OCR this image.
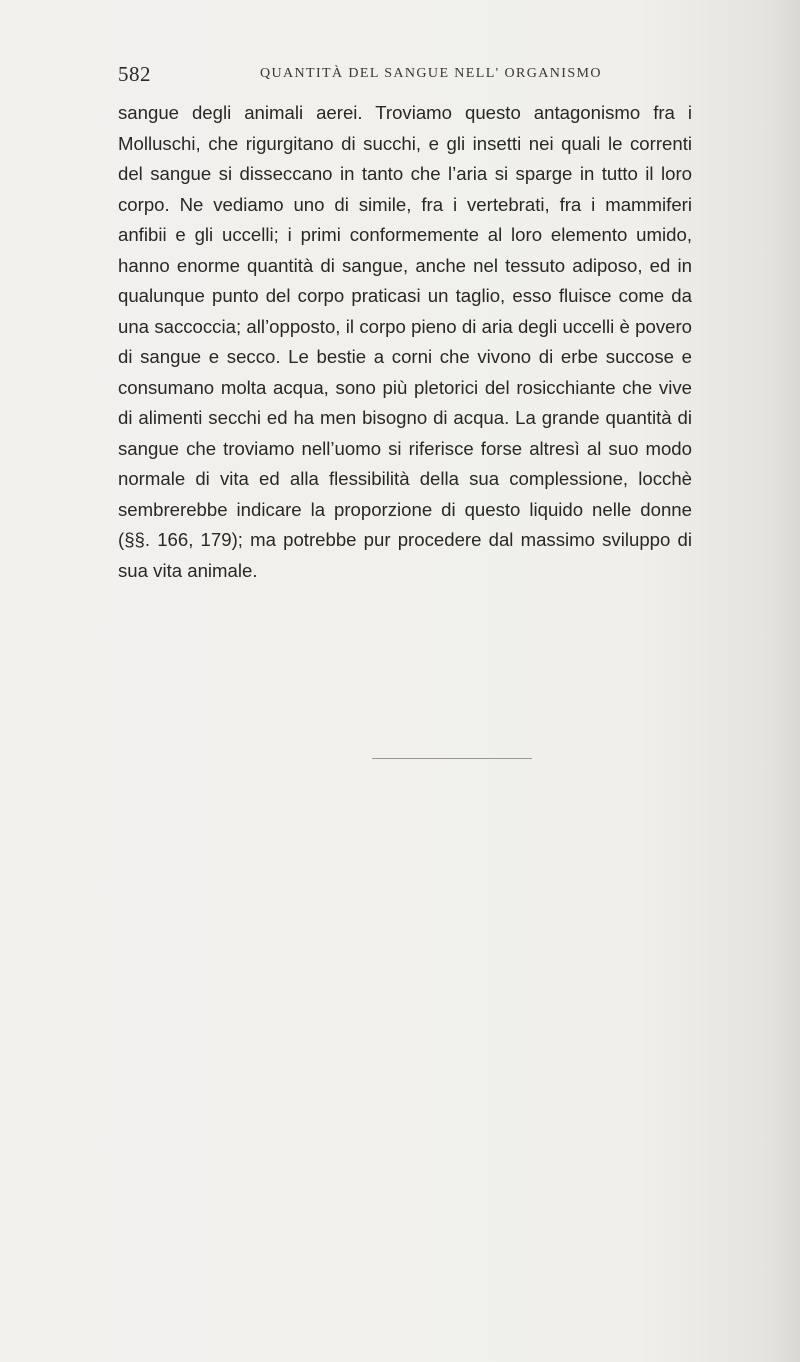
582	QUANTITÀ DEL SANGUE NELL' ORGANISMO

sangue degli animali aerei. Troviamo questo antagonismo fra i Molluschi, che rigurgitano di succhi, e gli insetti nei quali le correnti del sangue si disseccano in tanto che l’aria si sparge in tutto il loro corpo. Ne vediamo uno di simile, fra i vertebrati, fra i mammiferi anfibii e gli uccelli; i primi conformemente al loro elemento umido, hanno enorme quantità di sangue, anche nel tessuto adiposo, ed in qualunque punto del corpo praticasi un taglio, esso fluisce come da una saccoccia; all’opposto, il corpo pieno di aria degli uccelli è povero di sangue e secco. Le bestie a corni che vivono di erbe succose e consumano molta acqua, sono più pletorici del rosicchiante che vive di alimenti secchi ed ha men bisogno di acqua. La grande quantità di sangue che troviamo nell’uomo si riferisce forse altresì al suo modo normale di vita ed alla flessibilità della sua complessione, locchè sembrerebbe indicare la proporzione di questo liquido nelle donne (§§. 166, 179); ma potrebbe pur procedere dal massimo sviluppo di sua vita animale.
